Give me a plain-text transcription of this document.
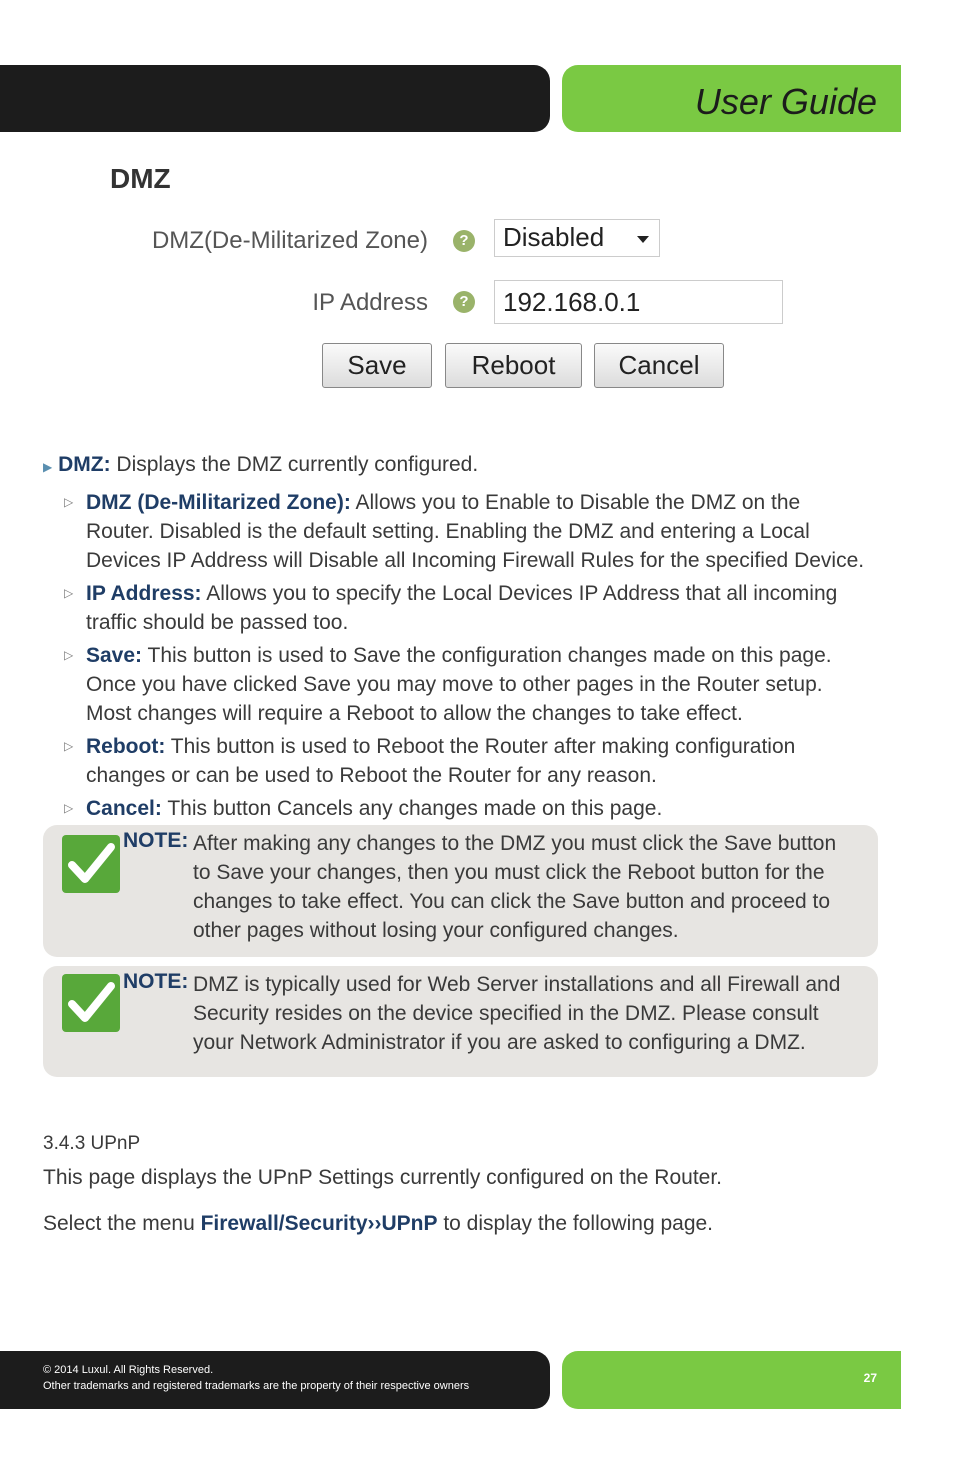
User Guide
DMZ
DMZ(De-Militarized Zone)	?	Disabled
IP Address	?	192.168.0.1
Save	Reboot	Cancel
▶ DMZ: Displays the DMZ currently configured.
▷ DMZ (De-Militarized Zone): Allows you to Enable to Disable the DMZ on the
Router. Disabled is the default setting. Enabling the DMZ and entering a Local
Devices IP Address will Disable all Incoming Firewall Rules for the specified Device.
▷ IP Address: Allows you to specify the Local Devices IP Address that all incoming
traffic should be passed too.
▷ Save: This button is used to Save the configuration changes made on this page.
Once you have clicked Save you may move to other pages in the Router setup.
Most changes will require a Reboot to allow the changes to take effect.
▷ Reboot: This button is used to Reboot the Router after making configuration
changes or can be used to Reboot the Router for any reason.
▷ Cancel: This button Cancels any changes made on this page.
NOTE: After making any changes to the DMZ you must click the Save button
to Save your changes, then you must click the Reboot button for the
changes to take effect. You can click the Save button and proceed to
other pages without losing your configured changes.
NOTE: DMZ is typically used for Web Server installations and all Firewall and
Security resides on the device specified in the DMZ. Please consult
your Network Administrator if you are asked to configuring a DMZ.
3.4.3 UPnP
This page displays the UPnP Settings currently configured on the Router.
Select the menu Firewall/Security››UPnP to display the following page.
© 2014 Luxul. All Rights Reserved.
Other trademarks and registered trademarks are the property of their respective owners
27
